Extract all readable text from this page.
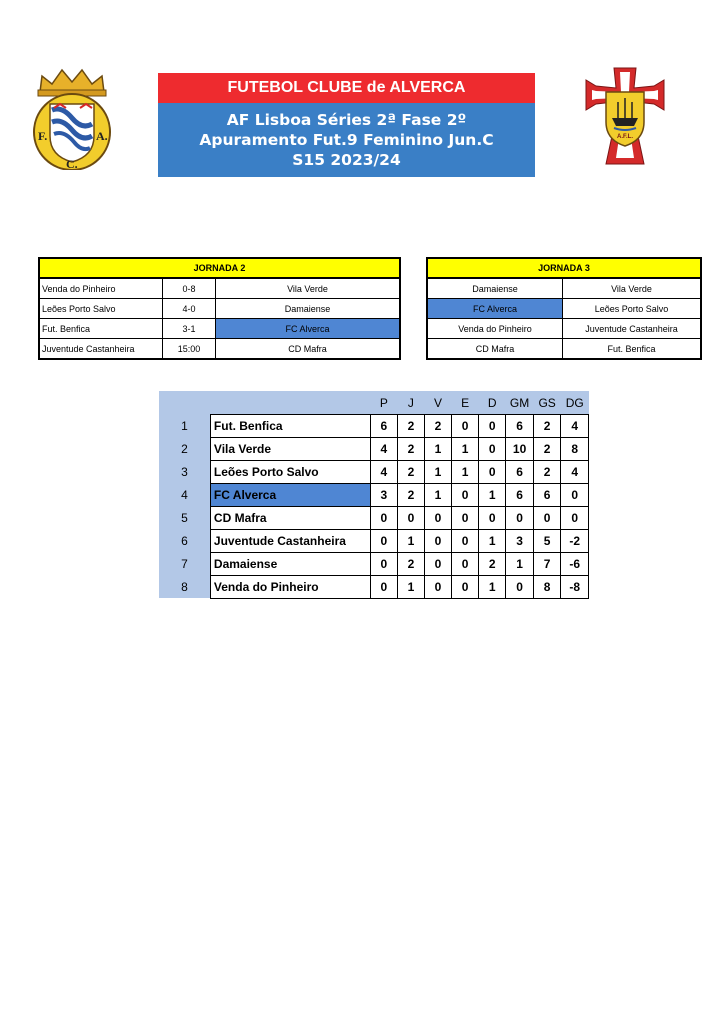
F.	A.
C.
FUTEBOL CLUBE de ALVERCA
AF Lisboa Séries 2ª Fase 2º
Apuramento Fut.9 Feminino Jun.C
S15 2023/24
A.F.L.
JORNADA 2		
Venda do Pinheiro	0-8	Vila Verde
Leões Porto Salvo	4-0	Damaiense
Fut. Benfica	3-1	FC Alverca
Juventude Castanheira	15:00	CD Mafra
JORNADA 3	
Damaiense	Vila Verde
FC Alverca	Leões Porto Salvo
Venda do Pinheiro	Juventude Castanheira
CD Mafra	Fut. Benfica
		P	J	V	E	D	GM	GS	DG
1	Fut. Benfica	6	2	2	0	0	6	2	4
2	Vila Verde	4	2	1	1	0	10	2	8
3	Leões Porto Salvo	4	2	1	1	0	6	2	4
4	FC Alverca	3	2	1	0	1	6	6	0
5	CD Mafra	0	0	0	0	0	0	0	0
6	Juventude Castanheira	0	1	0	0	1	3	5	-2
7	Damaiense	0	2	0	0	2	1	7	-6
8	Venda do Pinheiro	0	1	0	0	1	0	8	-8
